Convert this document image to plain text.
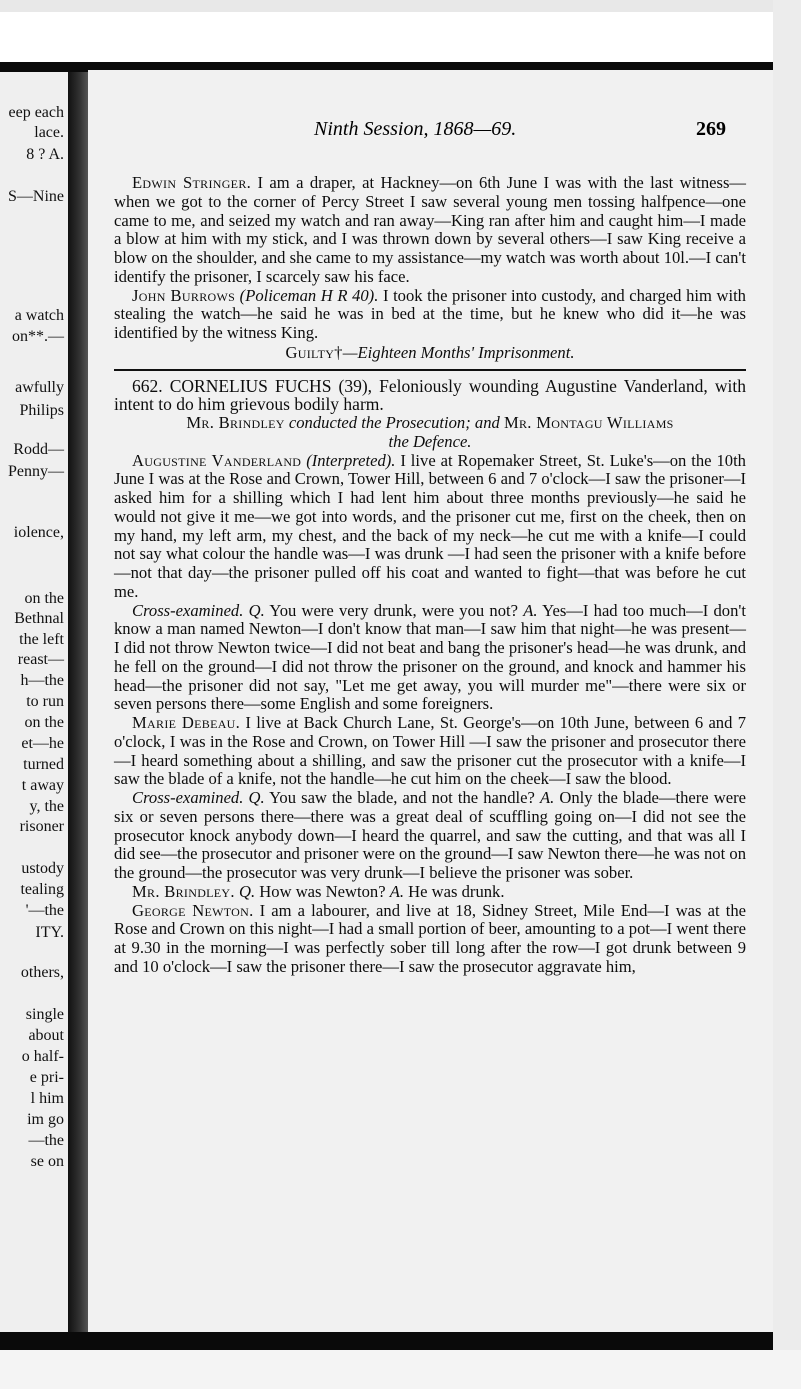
eep each
lace.
8 ? A.
S—Nine
a watch
on**.—
awfully
Philips
Rodd—
Penny—
iolence,
on the
Bethnal
the left
reast—
h—the
to run
on the
et—he
turned
t away
y, the
risoner
ustody
tealing
'—the
ITY.
others,
single
about
o half-
e pri-
l him
im go
—the
se on
Ninth Session, 1868—69.	269

Edwin Stringer. I am a draper, at Hackney—on 6th June I was with the last witness—when we got to the corner of Percy Street I saw several young men tossing halfpence—one came to me, and seized my watch and ran away—King ran after him and caught him—I made a blow at him with my stick, and I was thrown down by several others—I saw King receive a blow on the shoulder, and she came to my assistance—my watch was worth about 10l.—I can't identify the prisoner, I scarcely saw his face.

John Burrows (Policeman H R 40). I took the prisoner into custody, and charged him with stealing the watch—he said he was in bed at the time, but he knew who did it—he was identified by the witness King.

Guilty†—Eighteen Months' Imprisonment.

662. CORNELIUS FUCHS (39), Feloniously wounding Augustine Vanderland, with intent to do him grievous bodily harm.

Mr. Brindley conducted the Prosecution; and Mr. Montagu Williams
the Defence.

Augustine Vanderland (Interpreted). I live at Ropemaker Street, St. Luke's—on the 10th June I was at the Rose and Crown, Tower Hill, between 6 and 7 o'clock—I saw the prisoner—I asked him for a shilling which I had lent him about three months previously—he said he would not give it me—we got into words, and the prisoner cut me, first on the cheek, then on my hand, my left arm, my chest, and the back of my neck—he cut me with a knife—I could not say what colour the handle was—I was drunk —I had seen the prisoner with a knife before—not that day—the prisoner pulled off his coat and wanted to fight—that was before he cut me.

Cross-examined. Q. You were very drunk, were you not? A. Yes—I had too much—I don't know a man named Newton—I don't know that man—I saw him that night—he was present—I did not throw Newton twice—I did not beat and bang the prisoner's head—he was drunk, and he fell on the ground—I did not throw the prisoner on the ground, and knock and hammer his head—the prisoner did not say, "Let me get away, you will murder me"—there were six or seven persons there—some English and some foreigners.

Marie Debeau. I live at Back Church Lane, St. George's—on 10th June, between 6 and 7 o'clock, I was in the Rose and Crown, on Tower Hill —I saw the prisoner and prosecutor there—I heard something about a shilling, and saw the prisoner cut the prosecutor with a knife—I saw the blade of a knife, not the handle—he cut him on the cheek—I saw the blood.

Cross-examined. Q. You saw the blade, and not the handle? A. Only the blade—there were six or seven persons there—there was a great deal of scuffling going on—I did not see the prosecutor knock anybody down—I heard the quarrel, and saw the cutting, and that was all I did see—the prosecutor and prisoner were on the ground—I saw Newton there—he was not on the ground—the prosecutor was very drunk—I believe the prisoner was sober.

Mr. Brindley. Q. How was Newton? A. He was drunk.

George Newton. I am a labourer, and live at 18, Sidney Street, Mile End—I was at the Rose and Crown on this night—I had a small portion of beer, amounting to a pot—I went there at 9.30 in the morning—I was perfectly sober till long after the row—I got drunk between 9 and 10 o'clock—I saw the prisoner there—I saw the prosecutor aggravate him,
